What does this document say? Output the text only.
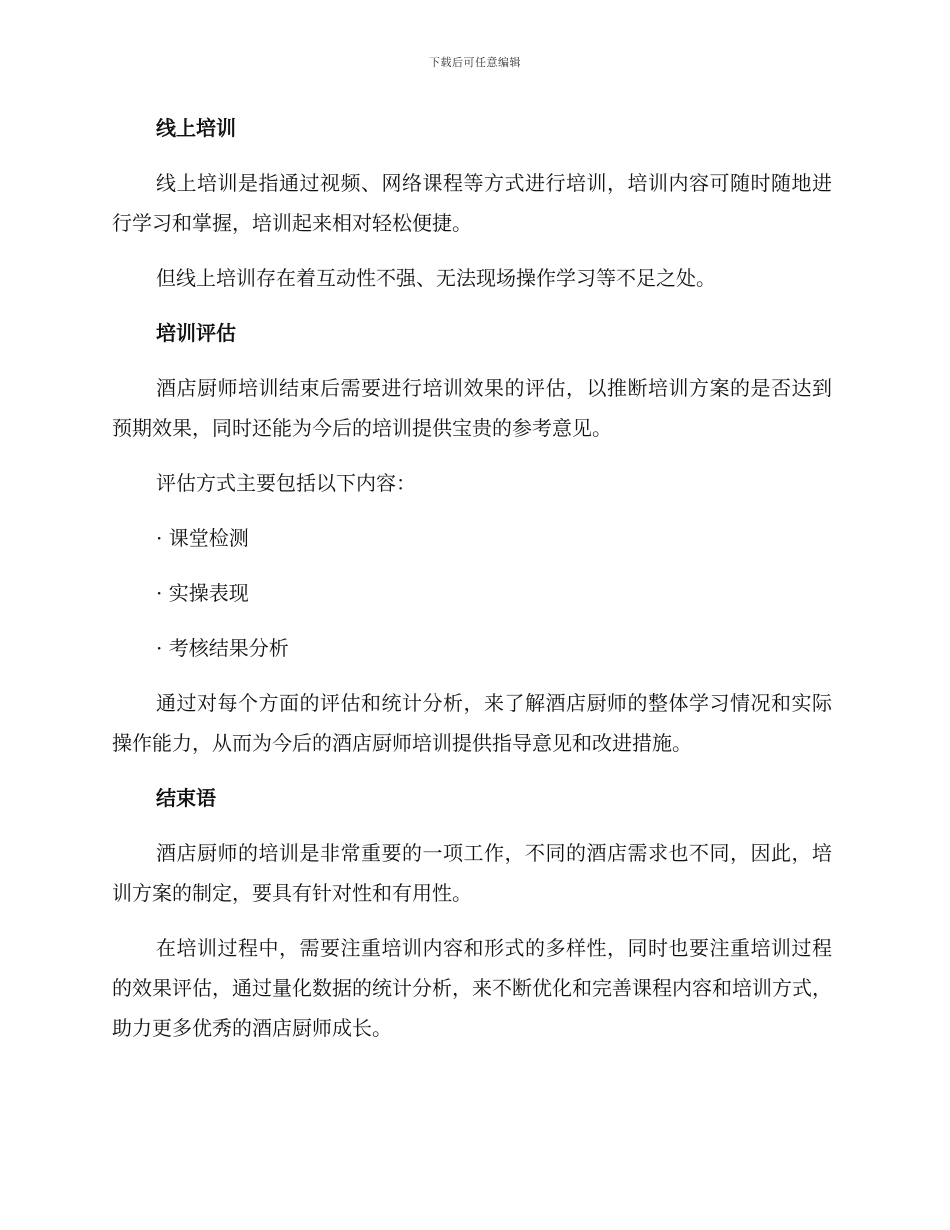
下载后可任意编辑
线上培训
线上培训是指通过视频、网络课程等方式进行培训，培训内容可随时随地进行学习和掌握，培训起来相对轻松便捷。
但线上培训存在着互动性不强、无法现场操作学习等不足之处。
培训评估
酒店厨师培训结束后需要进行培训效果的评估，以推断培训方案的是否达到预期效果，同时还能为今后的培训提供宝贵的参考意见。
评估方式主要包括以下内容：
· 课堂检测
· 实操表现
· 考核结果分析
通过对每个方面的评估和统计分析，来了解酒店厨师的整体学习情况和实际操作能力，从而为今后的酒店厨师培训提供指导意见和改进措施。
结束语
酒店厨师的培训是非常重要的一项工作，不同的酒店需求也不同，因此，培训方案的制定，要具有针对性和有用性。
在培训过程中，需要注重培训内容和形式的多样性，同时也要注重培训过程的效果评估，通过量化数据的统计分析，来不断优化和完善课程内容和培训方式，助力更多优秀的酒店厨师成长。
